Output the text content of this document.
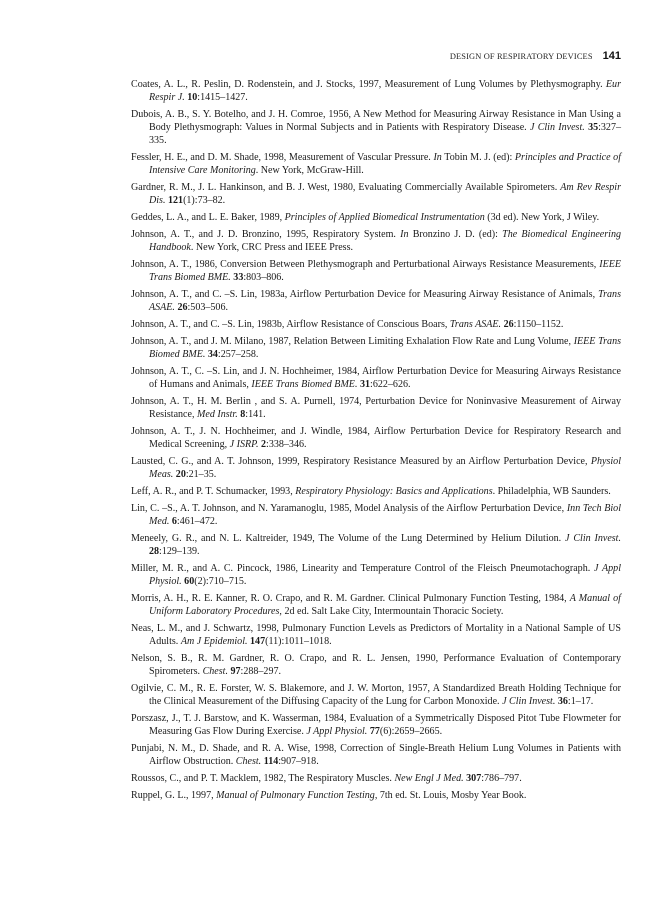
DESIGN OF RESPIRATORY DEVICES 141
Coates, A. L., R. Peslin, D. Rodenstein, and J. Stocks, 1997, Measurement of Lung Volumes by Plethysmography. Eur Respir J. 10:1415–1427.
Dubois, A. B., S. Y. Botelho, and J. H. Comroe, 1956, A New Method for Measuring Airway Resistance in Man Using a Body Plethysmograph: Values in Normal Subjects and in Patients with Respiratory Disease. J Clin Invest. 35:327–335.
Fessler, H. E., and D. M. Shade, 1998, Measurement of Vascular Pressure. In Tobin M. J. (ed): Principles and Practice of Intensive Care Monitoring. New York, McGraw-Hill.
Gardner, R. M., J. L. Hankinson, and B. J. West, 1980, Evaluating Commercially Available Spirometers. Am Rev Respir Dis. 121(1):73–82.
Geddes, L. A., and L. E. Baker, 1989, Principles of Applied Biomedical Instrumentation (3d ed). New York, J Wiley.
Johnson, A. T., and J. D. Bronzino, 1995, Respiratory System. In Bronzino J. D. (ed): The Biomedical Engineering Handbook. New York, CRC Press and IEEE Press.
Johnson, A. T., 1986, Conversion Between Plethysmograph and Perturbational Airways Resistance Measurements, IEEE Trans Biomed BME. 33:803–806.
Johnson, A. T., and C. –S. Lin, 1983a, Airflow Perturbation Device for Measuring Airway Resistance of Animals, Trans ASAE. 26:503–506.
Johnson, A. T., and C. –S. Lin, 1983b, Airflow Resistance of Conscious Boars, Trans ASAE. 26:1150–1152.
Johnson, A. T., and J. M. Milano, 1987, Relation Between Limiting Exhalation Flow Rate and Lung Volume, IEEE Trans Biomed BME. 34:257–258.
Johnson, A. T., C. –S. Lin, and J. N. Hochheimer, 1984, Airflow Perturbation Device for Measuring Airways Resistance of Humans and Animals, IEEE Trans Biomed BME. 31:622–626.
Johnson, A. T., H. M. Berlin , and S. A. Purnell, 1974, Perturbation Device for Noninvasive Measurement of Airway Resistance, Med Instr. 8:141.
Johnson, A. T., J. N. Hochheimer, and J. Windle, 1984, Airflow Perturbation Device for Respiratory Research and Medical Screening, J ISRP. 2:338–346.
Lausted, C. G., and A. T. Johnson, 1999, Respiratory Resistance Measured by an Airflow Perturbation Device, Physiol Meas. 20:21–35.
Leff, A. R., and P. T. Schumacker, 1993, Respiratory Physiology: Basics and Applications. Philadelphia, WB Saunders.
Lin, C. –S., A. T. Johnson, and N. Yaramanoglu, 1985, Model Analysis of the Airflow Perturbation Device, Inn Tech Biol Med. 6:461–472.
Meneely, G. R., and N. L. Kaltreider, 1949, The Volume of the Lung Determined by Helium Dilution. J Clin Invest. 28:129–139.
Miller, M. R., and A. C. Pincock, 1986, Linearity and Temperature Control of the Fleisch Pneumotachograph. J Appl Physiol. 60(2):710–715.
Morris, A. H., R. E. Kanner, R. O. Crapo, and R. M. Gardner. Clinical Pulmonary Function Testing, 1984, A Manual of Uniform Laboratory Procedures, 2d ed. Salt Lake City, Intermountain Thoracic Society.
Neas, L. M., and J. Schwartz, 1998, Pulmonary Function Levels as Predictors of Mortality in a National Sample of US Adults. Am J Epidemiol. 147(11):1011–1018.
Nelson, S. B., R. M. Gardner, R. O. Crapo, and R. L. Jensen, 1990, Performance Evaluation of Contemporary Spirometers. Chest. 97:288–297.
Ogilvie, C. M., R. E. Forster, W. S. Blakemore, and J. W. Morton, 1957, A Standardized Breath Holding Technique for the Clinical Measurement of the Diffusing Capacity of the Lung for Carbon Monoxide. J Clin Invest. 36:1–17.
Porszasz, J., T. J. Barstow, and K. Wasserman, 1984, Evaluation of a Symmetrically Disposed Pitot Tube Flowmeter for Measuring Gas Flow During Exercise. J Appl Physiol. 77(6):2659–2665.
Punjabi, N. M., D. Shade, and R. A. Wise, 1998, Correction of Single-Breath Helium Lung Volumes in Patients with Airflow Obstruction. Chest. 114:907–918.
Roussos, C., and P. T. Macklem, 1982, The Respiratory Muscles. New Engl J Med. 307:786–797.
Ruppel, G. L., 1997, Manual of Pulmonary Function Testing, 7th ed. St. Louis, Mosby Year Book.
